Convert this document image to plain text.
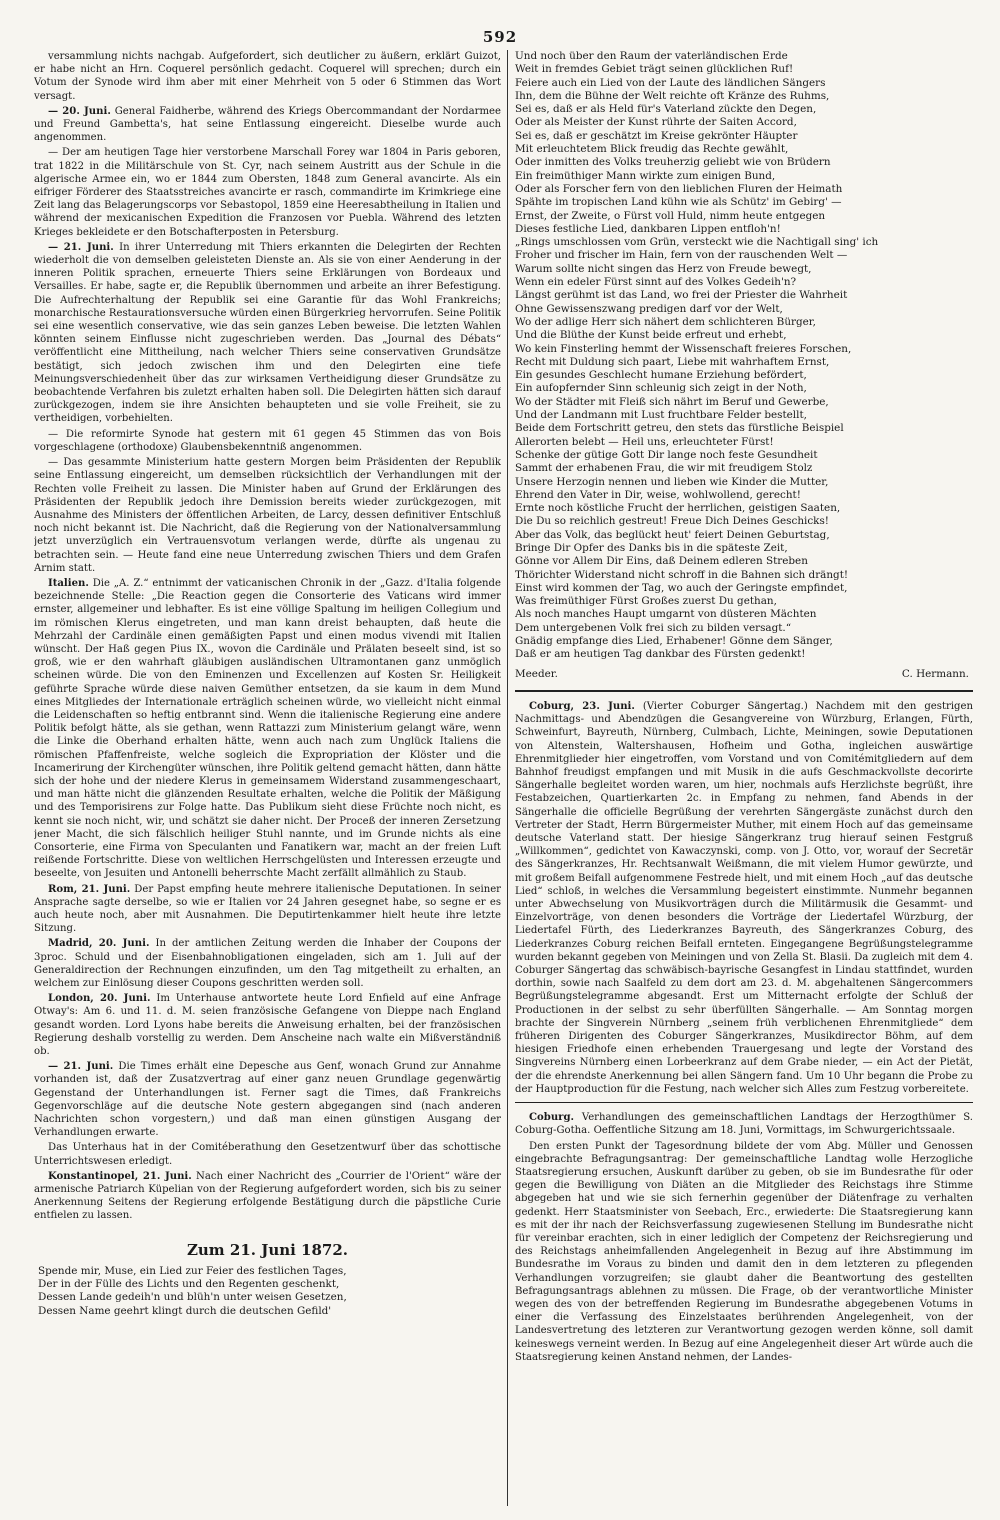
592

versammlung nichts nachgab. Aufgefordert, sich deutlicher zu äußern, erklärt Guizot, er habe nicht an Hrn. Coquerel persönlich gedacht. Coquerel will sprechen; durch ein Votum der Synode wird ihm aber mit einer Mehrheit von 5 oder 6 Stimmen das Wort versagt.

— 20. Juni. General Faidherbe, während des Kriegs Obercommandant der Nordarmee und Freund Gambetta's, hat seine Entlassung eingereicht. Dieselbe wurde auch angenommen.

— Der am heutigen Tage hier verstorbene Marschall Forey war 1804 in Paris geboren, trat 1822 in die Militärschule von St. Cyr, nach seinem Austritt aus der Schule in die algerische Armee ein, wo er 1844 zum Obersten, 1848 zum General avancirte. Als ein eifriger Förderer des Staatsstreiches avancirte er rasch, commandirte im Krimkriege eine Zeit lang das Belagerungscorps vor Sebastopol, 1859 eine Heeresabtheilung in Italien und während der mexicanischen Expedition die Franzosen vor Puebla. Während des letzten Krieges bekleidete er den Botschafterposten in Petersburg.

— 21. Juni. In ihrer Unterredung mit Thiers erkannten die Delegirten der Rechten wiederholt die von demselben geleisteten Dienste an. Als sie von einer Aenderung in der inneren Politik sprachen, erneuerte Thiers seine Erklärungen von Bordeaux und Versailles. Er habe, sagte er, die Republik übernommen und arbeite an ihrer Befestigung. Die Aufrechterhaltung der Republik sei eine Garantie für das Wohl Frankreichs; monarchische Restaurationsversuche würden einen Bürgerkrieg hervorrufen. Seine Politik sei eine wesentlich conservative, wie das sein ganzes Leben beweise. Die letzten Wahlen könnten seinem Einflusse nicht zugeschrieben werden. Das „Journal des Débats“ veröffentlicht eine Mittheilung, nach welcher Thiers seine conservativen Grundsätze bestätigt, sich jedoch zwischen ihm und den Delegirten eine tiefe Meinungsverschiedenheit über das zur wirksamen Vertheidigung dieser Grundsätze zu beobachtende Verfahren bis zuletzt erhalten haben soll. Die Delegirten hätten sich darauf zurückgezogen, indem sie ihre Ansichten behaupteten und sie volle Freiheit, sie zu vertheidigen, vorbehielten.

— Die reformirte Synode hat gestern mit 61 gegen 45 Stimmen das von Bois vorgeschlagene (orthodoxe) Glaubensbekenntniß angenommen.

— Das gesammte Ministerium hatte gestern Morgen beim Präsidenten der Republik seine Entlassung eingereicht, um demselben rücksichtlich der Verhandlungen mit der Rechten volle Freiheit zu lassen. Die Minister haben auf Grund der Erklärungen des Präsidenten der Republik jedoch ihre Demission bereits wieder zurückgezogen, mit Ausnahme des Ministers der öffentlichen Arbeiten, de Larcy, dessen definitiver Entschluß noch nicht bekannt ist. Die Nachricht, daß die Regierung von der Nationalversammlung jetzt unverzüglich ein Vertrauensvotum verlangen werde, dürfte als ungenau zu betrachten sein. — Heute fand eine neue Unterredung zwischen Thiers und dem Grafen Arnim statt.

Italien. Die „A. Z.“ entnimmt der vaticanischen Chronik in der „Gazz. d'Italia folgende bezeichnende Stelle: „Die Reaction gegen die Consorterie des Vaticans wird immer ernster, allgemeiner und lebhafter. Es ist eine völlige Spaltung im heiligen Collegium und im römischen Klerus eingetreten, und man kann dreist behaupten, daß heute die Mehrzahl der Cardinäle einen gemäßigten Papst und einen modus vivendi mit Italien wünscht. Der Haß gegen Pius IX., wovon die Cardinäle und Prälaten beseelt sind, ist so groß, wie er den wahrhaft gläubigen ausländischen Ultramontanen ganz unmöglich scheinen würde. Die von den Eminenzen und Excellenzen auf Kosten Sr. Heiligkeit geführte Sprache würde diese naiven Gemüther entsetzen, da sie kaum in dem Mund eines Mitgliedes der Internationale erträglich scheinen würde, wo vielleicht nicht einmal die Leidenschaften so heftig entbrannt sind. Wenn die italienische Regierung eine andere Politik befolgt hätte, als sie gethan, wenn Rattazzi zum Ministerium gelangt wäre, wenn die Linke die Oberhand erhalten hätte, wenn auch nach zum Unglück Italiens die römischen Pfaffenfreiste, welche sogleich die Expropriation der Klöster und die Incamerirung der Kirchengüter wünschen, ihre Politik geltend gemacht hätten, dann hätte sich der hohe und der niedere Klerus in gemeinsamem Widerstand zusammengeschaart, und man hätte nicht die glänzenden Resultate erhalten, welche die Politik der Mäßigung und des Temporisirens zur Folge hatte. Das Publikum sieht diese Früchte noch nicht, es kennt sie noch nicht, wir, und schätzt sie daher nicht. Der Proceß der inneren Zersetzung jener Macht, die sich fälschlich heiliger Stuhl nannte, und im Grunde nichts als eine Consorterie, eine Firma von Speculanten und Fanatikern war, macht an der freien Luft reißende Fortschritte. Diese von weltlichen Herrschgelüsten und Interessen erzeugte und beseelte, von Jesuiten und Antonelli beherrschte Macht zerfällt allmählich zu Staub.

Rom, 21. Juni. Der Papst empfing heute mehrere italienische Deputationen. In seiner Ansprache sagte derselbe, so wie er Italien vor 24 Jahren gesegnet habe, so segne er es auch heute noch, aber mit Ausnahmen. Die Deputirtenkammer hielt heute ihre letzte Sitzung.

Madrid, 20. Juni. In der amtlichen Zeitung werden die Inhaber der Coupons der 3proc. Schuld und der Eisenbahnobligationen eingeladen, sich am 1. Juli auf der Generaldirection der Rechnungen einzufinden, um den Tag mitgetheilt zu erhalten, an welchem zur Einlösung dieser Coupons geschritten werden soll.

London, 20. Juni. Im Unterhause antwortete heute Lord Enfield auf eine Anfrage Otway's: Am 6. und 11. d. M. seien französische Gefangene von Dieppe nach England gesandt worden. Lord Lyons habe bereits die Anweisung erhalten, bei der französischen Regierung deshalb vorstellig zu werden. Dem Anscheine nach walte ein Mißverständniß ob.

— 21. Juni. Die Times erhält eine Depesche aus Genf, wonach Grund zur Annahme vorhanden ist, daß der Zusatzvertrag auf einer ganz neuen Grundlage gegenwärtig Gegenstand der Unterhandlungen ist. Ferner sagt die Times, daß Frankreichs Gegenvorschläge auf die deutsche Note gestern abgegangen sind (nach anderen Nachrichten schon vorgestern,) und daß man einen günstigen Ausgang der Verhandlungen erwarte.

Das Unterhaus hat in der Comitéberathung den Gesetzentwurf über das schottische Unterrichtswesen erledigt.

Konstantinopel, 21. Juni. Nach einer Nachricht des „Courrier de l'Orient“ wäre der armenische Patriarch Küpelian von der Regierung aufgefordert worden, sich bis zu seiner Anerkennung Seitens der Regierung erfolgende Bestätigung durch die päpstliche Curie entfielen zu lassen.

Zum 21. Juni 1872.
Spende mir, Muse, ein Lied zur Feier des festlichen Tages,
Der in der Fülle des Lichts und den Regenten geschenkt,
Dessen Lande gedeih'n und blüh'n unter weisen Gesetzen,
Dessen Name geehrt klingt durch die deutschen Gefild'
Und noch über den Raum der vaterländischen Erde
Weit in fremdes Gebiet trägt seinen glücklichen Ruf!
Feiere auch ein Lied von der Laute des ländlichen Sängers
Ihn, dem die Bühne der Welt reichte oft Kränze des Ruhms,
Sei es, daß er als Held für's Vaterland zückte den Degen,
Oder als Meister der Kunst rührte der Saiten Accord,
Sei es, daß er geschätzt im Kreise gekrönter Häupter
Mit erleuchtetem Blick freudig das Rechte gewählt,
Oder inmitten des Volks treuherzig geliebt wie von Brüdern
Ein freimüthiger Mann wirkte zum einigen Bund,
Oder als Forscher fern von den lieblichen Fluren der Heimath
Spähte im tropischen Land kühn wie als Schütz' im Gebirg' —
Ernst, der Zweite, o Fürst voll Huld, nimm heute entgegen
Dieses festliche Lied, dankbaren Lippen entfloh'n!
„Rings umschlossen vom Grün, versteckt wie die Nachtigall sing' ich
Froher und frischer im Hain, fern von der rauschenden Welt —
Warum sollte nicht singen das Herz von Freude bewegt,
Wenn ein edeler Fürst sinnt auf des Volkes Gedeih'n?
Längst gerühmt ist das Land, wo frei der Priester die Wahrheit
Ohne Gewissenszwang predigen darf vor der Welt,
Wo der adlige Herr sich nähert dem schlichteren Bürger,
Und die Blüthe der Kunst beide erfreut und erhebt,
Wo kein Finsterling hemmt der Wissenschaft freieres Forschen,
Recht mit Duldung sich paart, Liebe mit wahrhaftem Ernst,
Ein gesundes Geschlecht humane Erziehung befördert,
Ein aufopfernder Sinn schleunig sich zeigt in der Noth,
Wo der Städter mit Fleiß sich nährt im Beruf und Gewerbe,
Und der Landmann mit Lust fruchtbare Felder bestellt,
Beide dem Fortschritt getreu, den stets das fürstliche Beispiel
Allerorten belebt — Heil uns, erleuchteter Fürst!
Schenke der gütige Gott Dir lange noch feste Gesundheit
Sammt der erhabenen Frau, die wir mit freudigem Stolz
Unsere Herzogin nennen und lieben wie Kinder die Mutter,
Ehrend den Vater in Dir, weise, wohlwollend, gerecht!
Ernte noch köstliche Frucht der herrlichen, geistigen Saaten,
Die Du so reichlich gestreut! Freue Dich Deines Geschicks!
Aber das Volk, das beglückt heut' feiert Deinen Geburtstag,
Bringe Dir Opfer des Danks bis in die späteste Zeit,
Gönne vor Allem Dir Eins, daß Deinem edleren Streben
Thörichter Widerstand nicht schroff in die Bahnen sich drängt!
Einst wird kommen der Tag, wo auch der Geringste empfindet,
Was freimüthiger Fürst Großes zuerst Du gethan,
Als noch manches Haupt umgarnt von düsteren Mächten
Dem untergebenen Volk frei sich zu bilden versagt.“
Gnädig empfange dies Lied, Erhabener! Gönne dem Sänger,
Daß er am heutigen Tag dankbar des Fürsten gedenkt!
Meeder.	C. Hermann.

Coburg, 23. Juni. (Vierter Coburger Sängertag.) Nachdem mit den gestrigen Nachmittags- und Abendzügen die Gesangvereine von Würzburg, Erlangen, Fürth, Schweinfurt, Bayreuth, Nürnberg, Culmbach, Lichte, Meiningen, sowie Deputationen von Altenstein, Waltershausen, Hofheim und Gotha, ingleichen auswärtige Ehrenmitglieder hier eingetroffen, vom Vorstand und von Comitémitgliedern auf dem Bahnhof freudigst empfangen und mit Musik in die aufs Geschmackvollste decorirte Sängerhalle begleitet worden waren, um hier, nochmals aufs Herzlichste begrüßt, ihre Festabzeichen, Quartierkarten 2c. in Empfang zu nehmen, fand Abends in der Sängerhalle die officielle Begrüßung der verehrten Sängergäste zunächst durch den Vertreter der Stadt, Herrn Bürgermeister Muther, mit einem Hoch auf das gemeinsame deutsche Vaterland statt. Der hiesige Sängerkranz trug hierauf seinen Festgruß „Willkommen“, gedichtet von Kawaczynski, comp. von J. Otto, vor, worauf der Secretär des Sängerkranzes, Hr. Rechtsanwalt Weißmann, die mit vielem Humor gewürzte, und mit großem Beifall aufgenommene Festrede hielt, und mit einem Hoch „auf das deutsche Lied“ schloß, in welches die Versammlung begeistert einstimmte. Nunmehr begannen unter Abwechselung von Musikvorträgen durch die Militärmusik die Gesammt- und Einzelvorträge, von denen besonders die Vorträge der Liedertafel Würzburg, der Liedertafel Fürth, des Liederkranzes Bayreuth, des Sängerkranzes Coburg, des Liederkranzes Coburg reichen Beifall ernteten. Eingegangene Begrüßungstelegramme wurden bekannt gegeben von Meiningen und von Zella St. Blasii. Da zugleich mit dem 4. Coburger Sängertag das schwäbisch-bayrische Gesangfest in Lindau stattfindet, wurden dorthin, sowie nach Saalfeld zu dem dort am 23. d. M. abgehaltenen Sängercommers Begrüßungstelegramme abgesandt. Erst um Mitternacht erfolgte der Schluß der Productionen in der selbst zu sehr überfüllten Sängerhalle. — Am Sonntag morgen brachte der Singverein Nürnberg „seinem früh verblichenen Ehrenmitgliede“ dem früheren Dirigenten des Coburger Sängerkranzes, Musikdirector Böhm, auf dem hiesigen Friedhofe einen erhebenden Trauergesang und legte der Vorstand des Singvereins Nürnberg einen Lorbeerkranz auf dem Grabe nieder, — ein Act der Pietät, der die ehrendste Anerkennung bei allen Sängern fand. Um 10 Uhr begann die Probe zu der Hauptproduction für die Festung, nach welcher sich Alles zum Festzug vorbereitete.

Coburg. Verhandlungen des gemeinschaftlichen Landtags der Herzogthümer S. Coburg-Gotha. Oeffentliche Sitzung am 18. Juni, Vormittags, im Schwurgerichtssaale.

Den ersten Punkt der Tagesordnung bildete der vom Abg. Müller und Genossen eingebrachte Befragungsantrag: Der gemeinschaftliche Landtag wolle Herzogliche Staatsregierung ersuchen, Auskunft darüber zu geben, ob sie im Bundesrathe für oder gegen die Bewilligung von Diäten an die Mitglieder des Reichstags ihre Stimme abgegeben hat und wie sie sich fernerhin gegenüber der Diätenfrage zu verhalten gedenkt. Herr Staatsminister von Seebach, Erc., erwiederte: Die Staatsregierung kann es mit der ihr nach der Reichsverfassung zugewiesenen Stellung im Bundesrathe nicht für vereinbar erachten, sich in einer lediglich der Competenz der Reichsregierung und des Reichstags anheimfallenden Angelegenheit in Bezug auf ihre Abstimmung im Bundesrathe im Voraus zu binden und damit den in dem letzteren zu pflegenden Verhandlungen vorzugreifen; sie glaubt daher die Beantwortung des gestellten Befragungsantrags ablehnen zu müssen. Die Frage, ob der verantwortliche Minister wegen des von der betreffenden Regierung im Bundesrathe abgegebenen Votums in einer die Verfassung des Einzelstaates berührenden Angelegenheit, von der Landesvertretung des letzteren zur Verantwortung gezogen werden könne, soll damit keineswegs verneint werden. In Bezug auf eine Angelegenheit dieser Art würde auch die Staatsregierung keinen Anstand nehmen, der Landes-
